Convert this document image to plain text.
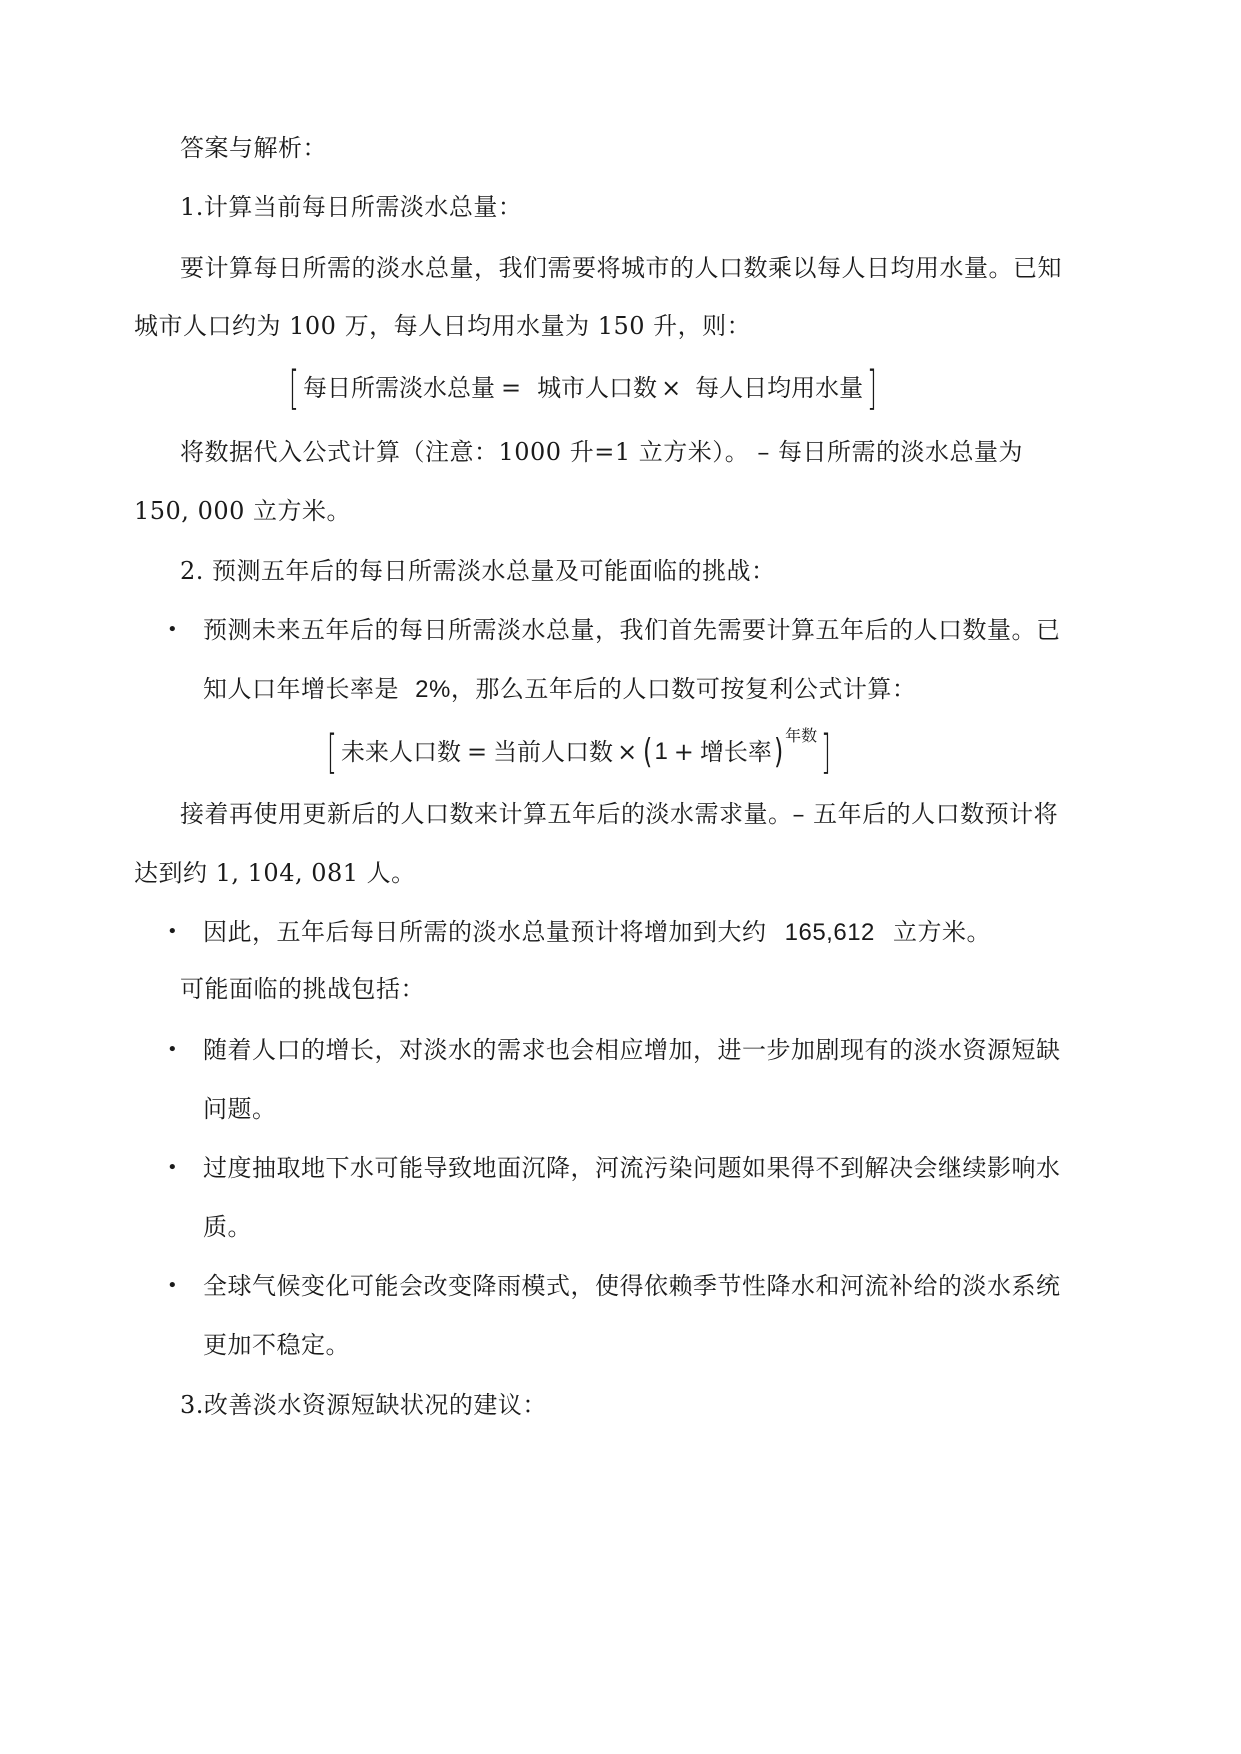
答案与解析：
1.计算当前每日所需淡水总量：
要计算每日所需的淡水总量，我们需要将城市的人口数乘以每人日均用水量。已知
城市人口约为 100 万，每人日均用水量为 150 升，则：
[ 每日所需淡水总量 = 城市人口数 × 每人日均用水量 ]
将数据代入公式计算（注意：1000 升=1 立方米）。 – 每日所需的淡水总量为
150, 000 立方米。
2. 预测五年后的每日所需淡水总量及可能面临的挑战：
• 预测未来五年后的每日所需淡水总量，我们首先需要计算五年后的人口数量。已
知人口年增长率是 2%，那么五年后的人口数可按复利公式计算：
[ 未来人口数 = 当前人口数 × ( 1 + 增长率 ) 年数 ]
接着再使用更新后的人口数来计算五年后的淡水需求量。– 五年后的人口数预计将
达到约 1, 104, 081 人。
• 因此，五年后每日所需的淡水总量预计将增加到大约 165,612 立方米。
可能面临的挑战包括：
• 随着人口的增长，对淡水的需求也会相应增加，进一步加剧现有的淡水资源短缺
问题。
• 过度抽取地下水可能导致地面沉降，河流污染问题如果得不到解决会继续影响水
质。
• 全球气候变化可能会改变降雨模式，使得依赖季节性降水和河流补给的淡水系统
更加不稳定。
3.改善淡水资源短缺状况的建议：
